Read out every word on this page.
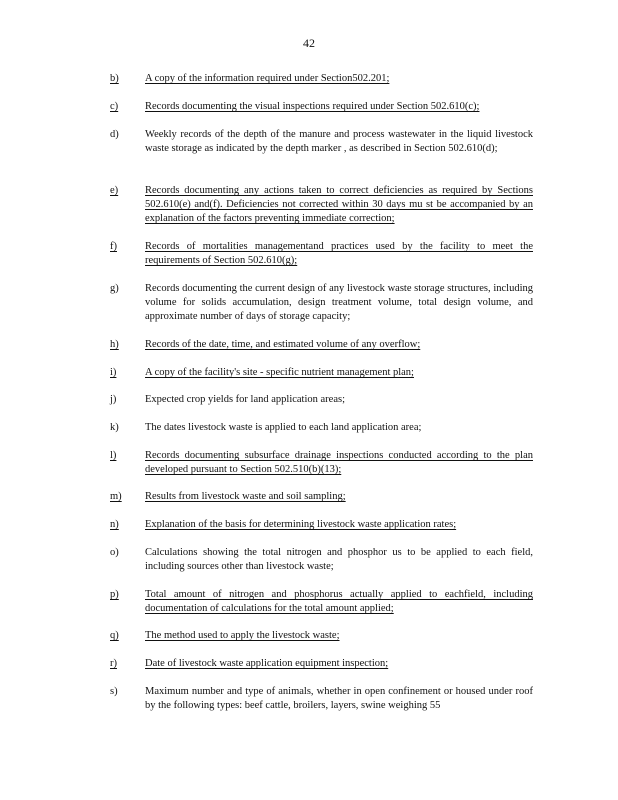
42
b)	A copy of the information required under Section502.201;
c)	Records documenting the visual inspections required under Section 502.610(c);
d)	Weekly records of the depth of the manure and process wastewater in the liquid livestock waste storage as indicated by the depth marker , as described in Section 502.610(d);
e)	Records documenting any actions taken to correct deficiencies as required by Sections 502.610(e) and(f). Deficiencies not corrected within 30 days mu st be accompanied by an explanation of the factors preventing immediate correction;
f)	Records of mortalities managementand practices used by the facility to meet the requirements of Section 502.610(g);
g)	Records documenting the current design of any livestock waste storage structures, including volume for solids accumulation, design treatment volume, total design volume, and approximate number of days of storage capacity;
h)	Records of the date, time, and estimated volume of any overflow;
i)	A copy of the facility's site - specific nutrient management plan;
j)	Expected crop yields for land application areas;
k)	The dates livestock waste is applied to each land application area;
l)	Records documenting subsurface drainage inspections conducted according to the plan developed pursuant to Section 502.510(b)(13);
m) Results from livestock waste and soil sampling;
n)	Explanation of the basis for determining livestock waste application rates;
o)	Calculations showing the total nitrogen and phosphor us to be applied to each field, including sources other than livestock waste;
p)	Total amount of nitrogen and phosphorus actually applied to eachfield, including documentation of calculations for the total amount applied;
q)	The method used to apply the livestock waste;
r)	Date of livestock waste application equipment inspection;
s)	Maximum number and type of animals, whether in open confinement or housed under roof by the following types: beef cattle, broilers, layers, swine weighing 55
